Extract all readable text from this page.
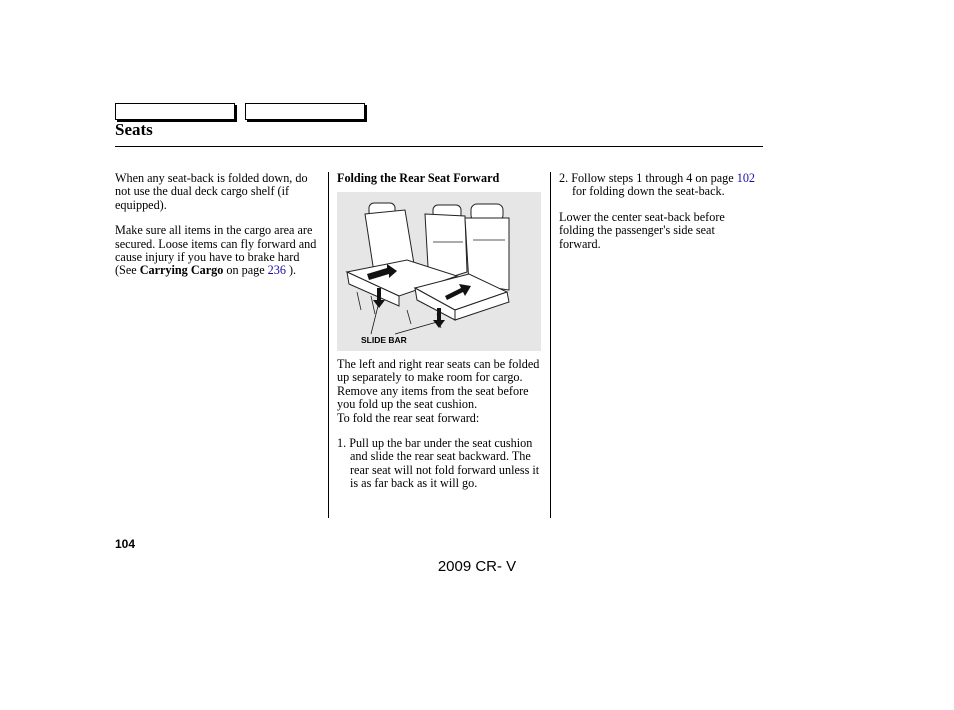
Seats

When any seat-back is folded down, do not use the dual deck cargo shelf (if equipped).

Make sure all items in the cargo area are secured. Loose items can fly forward and cause injury if you have to brake hard (See Carrying Cargo on page 236 ).

Folding the Rear Seat Forward

SLIDE BAR

The left and right rear seats can be folded up separately to make room for cargo.

Remove any items from the seat before you fold up the seat cushion.

To fold the rear seat forward:

1. Pull up the bar under the seat cushion and slide the rear seat backward. The rear seat will not fold forward unless it is as far back as it will go.

2. Follow steps 1 through 4 on page 102 for folding down the seat-back.

Lower the center seat-back before folding the passenger's side seat forward.

104
2009 CR- V
